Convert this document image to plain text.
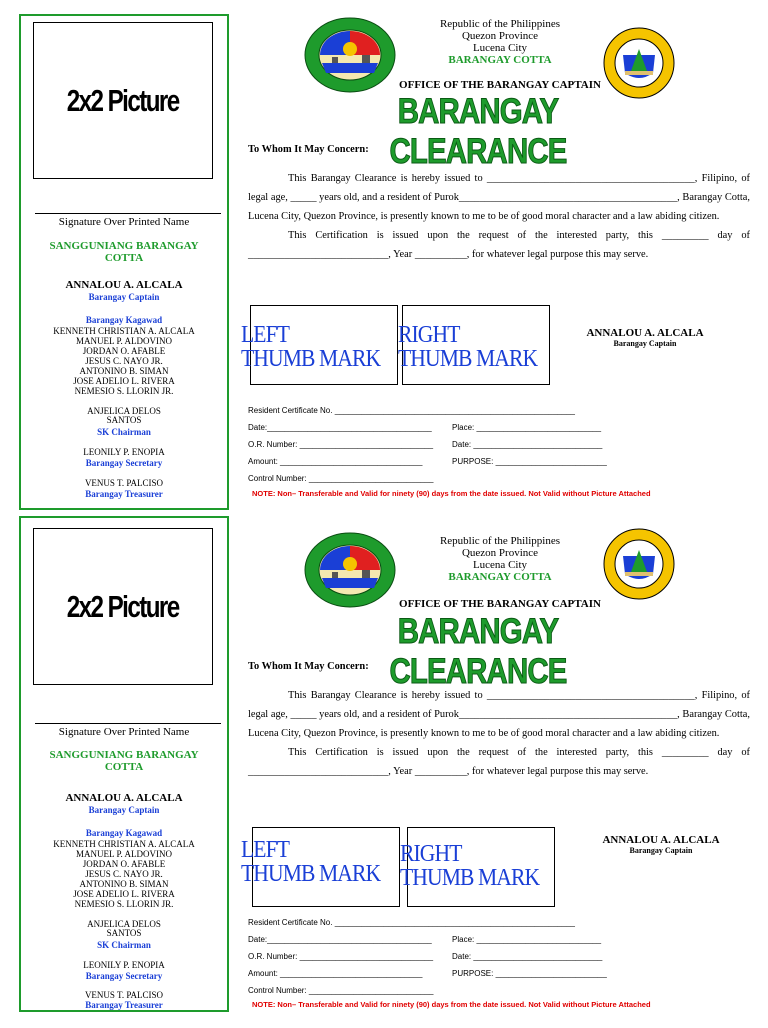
2x2 Picture
Signature Over Printed Name
SANGGUNIANG BARANGAY COTTA
ANNALOU A. ALCALA
Barangay Captain
Barangay Kagawad
KENNETH CHRISTIAN A. ALCALA
MANUEL P. ALDOVINO
JORDAN O. AFABLE
JESUS C. NAYO JR.
ANTONINO B. SIMAN
JOSE ADELIO L. RIVERA
NEMESIO S. LLORIN JR.
ANJELICA DELOS SANTOS
SK Chairman
LEONILY P. ENOPIA
Barangay Secretary
VENUS T. PALCISO
Barangay Treasurer
Republic of the Philippines
Quezon Province
Lucena City
BARANGAY COTTA
OFFICE OF THE BARANGAY CAPTAIN
BARANGAY CLEARANCE

To Whom It May Concern:

This Barangay Clearance is hereby issued to ________________________________________, Filipino, of legal age, _____ years old, and a resident of Purok__________________________________________, Barangay Cotta, Lucena City, Quezon Province, is presently known to me to be of good moral character and a law abiding citizen.

This Certification is issued upon the request of the interested party, this _________ day of ___________________________, Year __________, for whatever legal purpose this may serve.

LEFT
THUMB MARK
RIGHT
THUMB MARK
ANNALOU A. ALCALA
Barangay Captain
Resident Certificate No. ______________________________________________________
Date:_____________________________________	Place: ____________________________
O.R. Number: ______________________________ Date: _____________________________
Amount: ________________________________	PURPOSE: _________________________
Control Number: ____________________________
NOTE: Non– Transferable and Valid for ninety (90) days from the date issued. Not Valid without Picture Attached
2x2 Picture
Signature Over Printed Name
SANGGUNIANG BARANGAY COTTA
ANNALOU A. ALCALA
Barangay Captain
Barangay Kagawad
KENNETH CHRISTIAN A. ALCALA
MANUEL P. ALDOVINO
JORDAN O. AFABLE
JESUS C. NAYO JR.
ANTONINO B. SIMAN
JOSE ADELIO L. RIVERA
NEMESIO S. LLORIN JR.
ANJELICA DELOS SANTOS
SK Chairman
LEONILY P. ENOPIA
Barangay Secretary
VENUS T. PALCISO
Barangay Treasurer
Republic of the Philippines
Quezon Province
Lucena City
BARANGAY COTTA
OFFICE OF THE BARANGAY CAPTAIN
BARANGAY CLEARANCE

To Whom It May Concern:

This Barangay Clearance is hereby issued to ________________________________________, Filipino, of legal age, _____ years old, and a resident of Purok__________________________________________, Barangay Cotta, Lucena City, Quezon Province, is presently known to me to be of good moral character and a law abiding citizen.

This Certification is issued upon the request of the interested party, this _________ day of ___________________________, Year __________, for whatever legal purpose this may serve.

LEFT
THUMB MARK
RIGHT
THUMB MARK
ANNALOU A. ALCALA
Barangay Captain
Resident Certificate No. ______________________________________________________
Date:_____________________________________	Place: ____________________________
O.R. Number: ______________________________ Date: _____________________________
Amount: ________________________________	PURPOSE: _________________________
Control Number: ____________________________
NOTE: Non– Transferable and Valid for ninety (90) days from the date issued. Not Valid without Picture Attached
